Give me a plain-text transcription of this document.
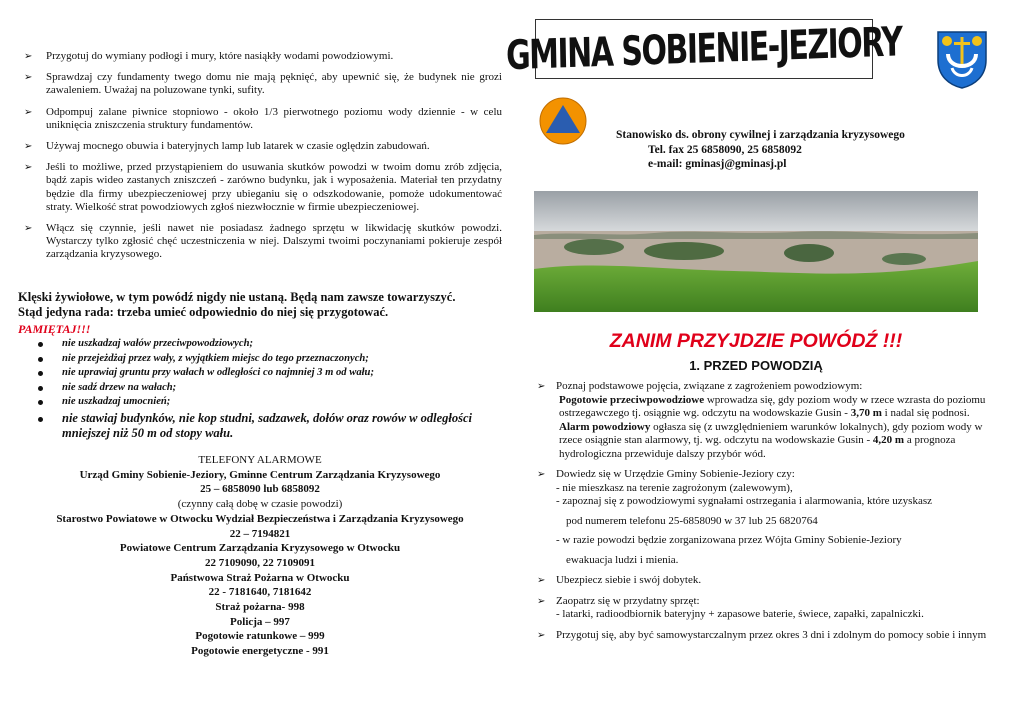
➢ Przygotuj do wymiany podłogi i mury, które nasiąkły wodami powodziowymi.
➢ Sprawdzaj czy fundamenty twego domu nie mają pęknięć, aby upewnić się, że budynek nie grozi zawaleniem. Uważaj na poluzowane tynki, sufity.
➢ Odpompuj zalane piwnice stopniowo - około 1/3 pierwotnego poziomu wody dziennie - w celu uniknięcia zniszczenia struktury fundamentów.
➢ Używaj mocnego obuwia i bateryjnych lamp lub latarek w czasie oględzin zabudowań.
➢ Jeśli to możliwe, przed przystąpieniem do usuwania skutków powodzi w twoim domu zrób zdjęcia, bądź zapis wideo zastanych zniszczeń - zarówno budynku, jak i wyposażenia. Materiał ten przydatny będzie dla firmy ubezpieczeniowej przy ubieganiu się o odszkodowanie, pomoże udokumentować straty. Wielkość strat powodziowych zgłoś niezwłocznie w firmie ubezpieczeniowej.
➢ Włącz się czynnie, jeśli nawet nie posiadasz żadnego sprzętu w likwidację skutków powodzi. Wystarczy tylko zgłosić chęć uczestniczenia w niej. Dalszymi twoimi poczynaniami pokieruje zespół zarządzania kryzysowego.
Klęski żywiołowe, w tym powódź nigdy nie ustaną. Będą nam zawsze towarzyszyć.
Stąd jedyna rada: trzeba umieć odpowiednio do niej się przygotować.
PAMIĘTAJ!!!
nie uszkadzaj wałów przeciwpowodziowych;
nie przejeżdżaj przez wały, z wyjątkiem miejsc do tego przeznaczonych;
nie uprawiaj gruntu przy wałach w odległości co najmniej 3 m od wału;
nie sadź drzew na wałach;
nie uszkadzaj umocnień;
nie stawiaj budynków, nie kop studni, sadzawek, dołów oraz rowów w odległości mniejszej niż 50 m od stopy wału.
TELEFONY ALARMOWE
Urząd Gminy Sobienie-Jeziory, Gminne Centrum Zarządzania Kryzysowego
25 – 6858090 lub 6858092
(czynny całą dobę w czasie powodzi)
Starostwo Powiatowe w Otwocku Wydział Bezpieczeństwa i Zarządzania Kryzysowego
22 – 7194821
Powiatowe Centrum Zarządzania Kryzysowego w Otwocku
22 7109090, 22 7109091
Państwowa Straż Pożarna w Otwocku
22 - 7181640, 7181642
Straż pożarna- 998
Policja – 997
Pogotowie ratunkowe – 999
Pogotowie energetyczne - 991
GMINA SOBIENIE-JEZIORY
Stanowisko ds. obrony cywilnej i zarządzania kryzysowego
Tel. fax 25 6858090, 25 6858092
e-mail: gminasj@gminasj.pl
ZANIM PRZYJDZIE POWÓDŹ !!!
1. PRZED POWODZIĄ
➢ Poznaj podstawowe pojęcia, związane z zagrożeniem powodziowym:
Pogotowie przeciwpowodziowe wprowadza się, gdy poziom wody w rzece wzrasta do poziomu ostrzegawczego tj. osiągnie wg. odczytu na wodowskazie Gusin - 3,70 m i nadal się podnosi.
Alarm powodziowy ogłasza się (z uwzględnieniem warunków lokalnych), gdy poziom wody w rzece osiągnie stan alarmowy, tj. wg. odczytu na wodowskazie Gusin - 4,20 m a prognoza hydrologiczna przewiduje dalszy przybór wód.
➢ Dowiedz się w Urzędzie Gminy Sobienie-Jeziory czy:
- nie mieszkasz na terenie zagrożonym (zalewowym),
- zapoznaj się z powodziowymi sygnałami ostrzegania i alarmowania, które uzyskasz
pod numerem telefonu 25-6858090 w 37 lub 25 6820764
- w razie powodzi będzie zorganizowana przez Wójta Gminy Sobienie-Jeziory
ewakuacja ludzi i mienia.
➢ Ubezpiecz siebie i swój dobytek.
➢ Zaopatrz się w przydatny sprzęt:
- latarki, radioodbiornik bateryjny + zapasowe baterie, świece, zapałki, zapalniczki.
➢ Przygotuj się, aby być samowystarczalnym przez okres 3 dni i zdolnym do pomocy sobie i innym
